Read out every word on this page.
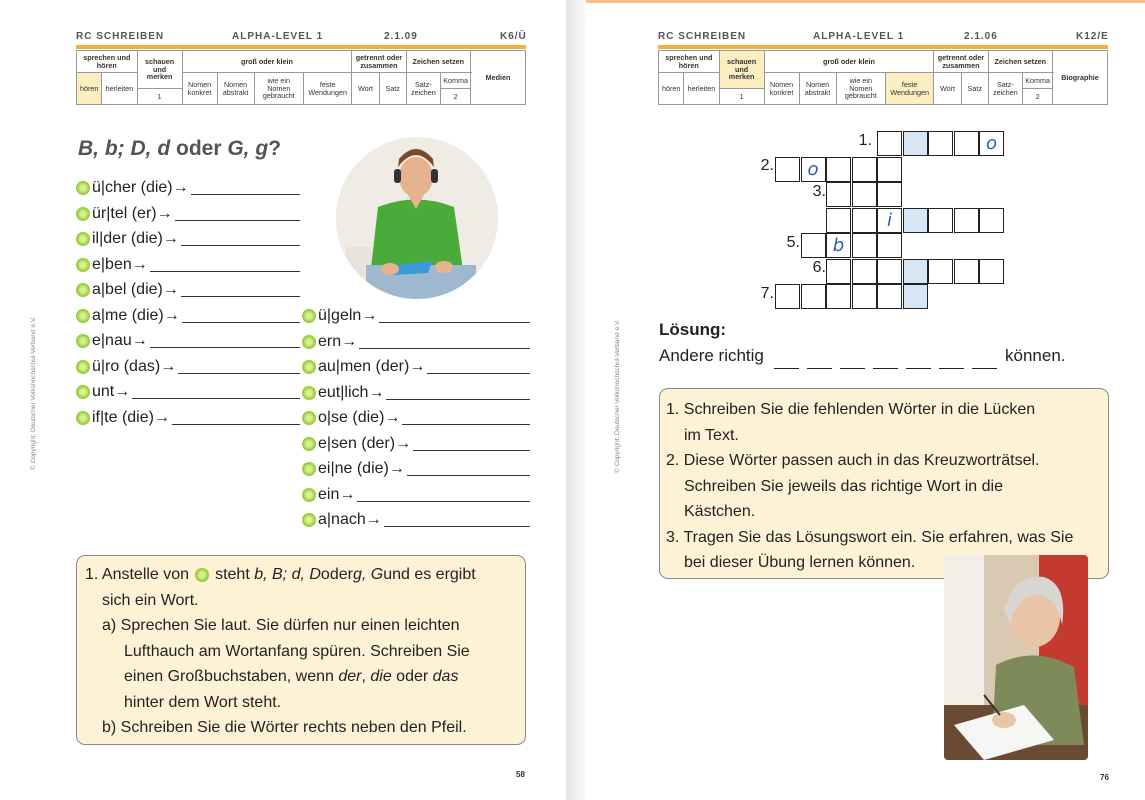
RC SCHREIBEN	ALPHA-LEVEL 1	2.1.09	K6/Ü
sprechen und hören		schauen und merken	groß oder klein				getrennt oder zusammen		Zeichen setzen		Medien
hören	herleiten		Nomen konkret	Nomen abstrakt	wie ein Nomen gebraucht	feste Wendungen	Wort	Satz	Satz- zeichen	Komma	
		1								2	
© Copyright: Deutscher Volkshochschul-Verband e.V.
B, b; D, d oder G, g?
1. Anstelle von steht
b, B; d, D oder g, G und es ergibt
sich ein Wort.
a) Sprechen Sie laut. Sie dürfen nur einen leichten
Lufthauch am Wortanfang spüren. Schreiben Sie
einen Großbuchstaben, wenn der, die oder das
hinter dem Wort steht.
b) Schreiben Sie die Wörter rechts neben den Pfeil.
58
ü|cher (die) →
ür|tel (er) →
il|der (die) →
e|ben →
a|bel (die) →
a|me (die) →
e|nau →
ü|ro (das) →
unt →
if|te (die) →
ü|geln →
ern →
au|men (der) →
eut|lich →
o|se (die) →
e|sen (der) →
ei|ne (die) →
ein →
a|nach →
RC SCHREIBEN	ALPHA-LEVEL 1	2.1.06	K12/E
sprechen und hören		schauen und merken	groß oder klein				getrennt oder zusammen		Zeichen setzen		Biographie
hören	herleiten		Nomen konkret	Nomen abstrakt	wie ein Nomen gebraucht	feste Wendungen	Wort	Satz	Satz- zeichen	Komma	
		1								2	
© Copyright: Deutscher Volkshochschul-Verband e.V.
76
1.	o
2.	o
3.
i
5.	b
6.
7.
Lösung:
Andere richtig	können.
1. Schreiben Sie die fehlenden Wörter in die Lücken
im Text.
2. Diese Wörter passen auch in das Kreuzworträtsel.
Schreiben Sie jeweils das richtige Wort in die
Kästchen.
3. Tragen Sie das Lösungswort ein. Sie erfahren, was Sie
bei dieser Übung lernen können.
